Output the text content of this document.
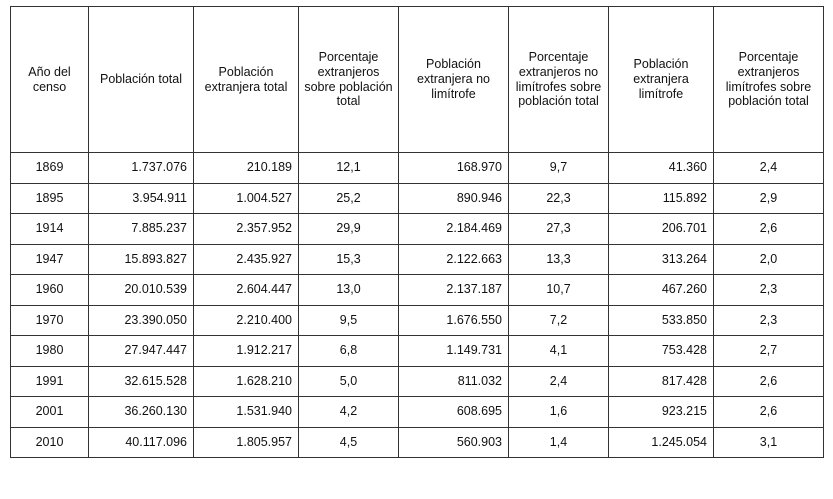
Año del censo	Población total	Población extranjera total	Porcentaje extranjeros sobre población total	Población extranjera no limítrofe	Porcentaje extranjeros no limítrofes sobre población total	Población extranjera limítrofe	Porcentaje extranjeros limítrofes sobre población total
1869	1.737.076	210.189	12,1	168.970	9,7	41.360	2,4
1895	3.954.911	1.004.527	25,2	890.946	22,3	115.892	2,9
1914	7.885.237	2.357.952	29,9	2.184.469	27,3	206.701	2,6
1947	15.893.827	2.435.927	15,3	2.122.663	13,3	313.264	2,0
1960	20.010.539	2.604.447	13,0	2.137.187	10,7	467.260	2,3
1970	23.390.050	2.210.400	9,5	1.676.550	7,2	533.850	2,3
1980	27.947.447	1.912.217	6,8	1.149.731	4,1	753.428	2,7
1991	32.615.528	1.628.210	5,0	811.032	2,4	817.428	2,6
2001	36.260.130	1.531.940	4,2	608.695	1,6	923.215	2,6
2010	40.117.096	1.805.957	4,5	560.903	1,4	1.245.054	3,1
